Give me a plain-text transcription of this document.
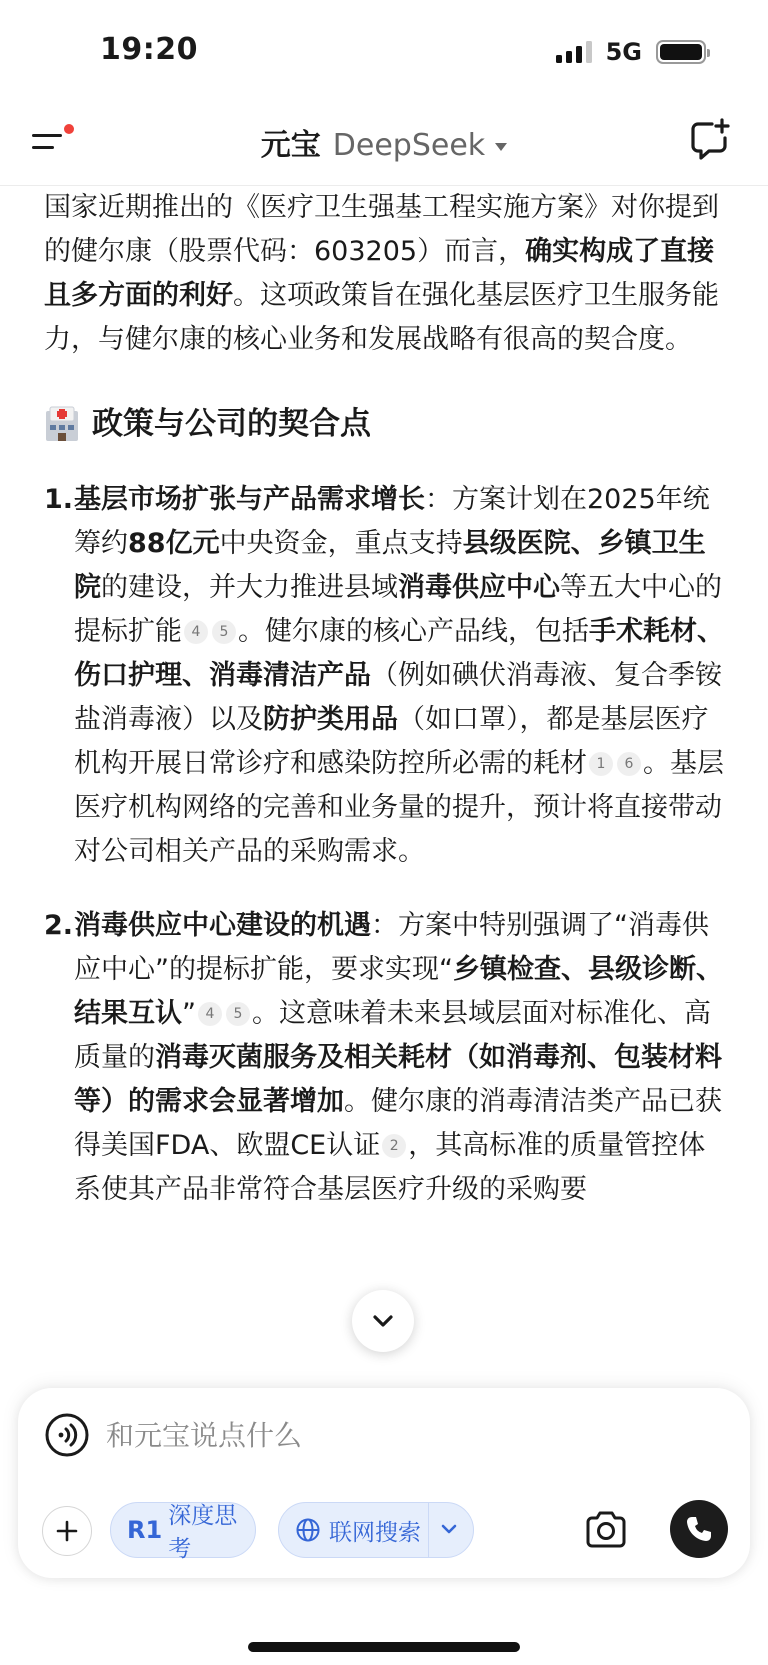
19:20	5G
元宝 DeepSeek

国家近期推出的《医疗卫生强基工程实施方案》对你提到的健尔康（股票代码：603205）而言，确实构成了直接且多方面的利好。这项政策旨在强化基层医疗卫生服务能力，与健尔康的核心业务和发展战略有很高的契合度。

政策与公司的契合点
1. 基层市场扩张与产品需求增长：方案计划在2025年统筹约88亿元中央资金，重点支持县级医院、乡镇卫生院的建设，并大力推进县域消毒供应中心等五大中心的提标扩能 4 5 。健尔康的核心产品线，包括手术耗材、伤口护理、消毒清洁产品（例如碘伏消毒液、复合季铵盐消毒液）以及防护类用品（如口罩），都是基层医疗机构开展日常诊疗和感染防控所必需的耗材 1 6 。基层医疗机构网络的完善和业务量的提升，预计将直接带动对公司相关产品的采购需求。
2. 消毒供应中心建设的机遇：方案中特别强调了“消毒供应中心”的提标扩能，要求实现“乡镇检查、县级诊断、结果互认” 4 5 。这意味着未来县域层面对标准化、高质量的消毒灭菌服务及相关耗材（如消毒剂、包装材料等）的需求会显著增加。健尔康的消毒清洁类产品已获得美国FDA、欧盟CE认证 2 ，其高标准的质量管控体系使其产品非常符合基层医疗升级的采购要
和元宝说点什么
R1 深度思考
联网搜索
